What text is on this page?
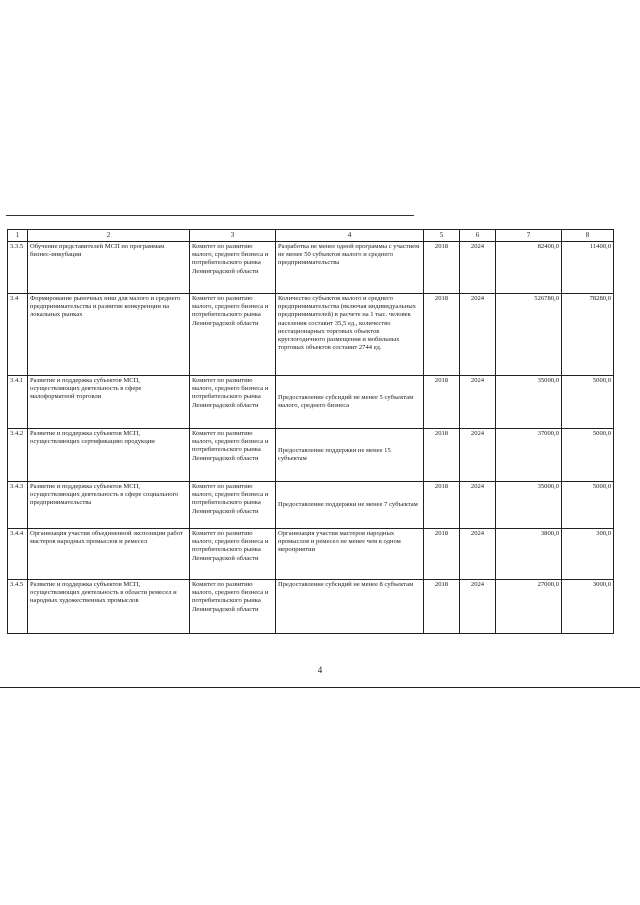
1	2	3	4	5	6	7	8
3.3.5	Обучение представителей МСП по программам бизнес-инкубации	Комитет по развитию малого, среднего бизнеса и потребительского рынка Ленинградской области	Разработка не менее одной программы с участием не менее 50 субъектов малого и среднего предпринимательства	2018	2024	82400,0	11400,0
3.4	Формирование рыночных ниш для малого и среднего предпринимательства и развитие конкуренции на локальных рынках	Комитет по развитию малого, среднего бизнеса и потребительского рынка Ленинградской области	Количество субъектов малого и среднего предпринимательства (включая индивидуальных предпринимателей) в расчете на 1 тыс. человек населения составит 35,5 ед., количество нестационарных торговых объектов круглогодичного размещения и мобильных торговых объектов составит 2744 ед.	2018	2024	526780,0	78280,0
3.4.1	Развитие и поддержка субъектов МСП, осуществляющих деятельность в сфере малоформатной торговли	Комитет по развитию малого, среднего бизнеса и потребительского рынка Ленинградской области	Предоставление субсидий не менее 5 субъектам малого, среднего бизнеса	2018	2024	35000,0	5000,0
3.4.2	Развитие и поддержка субъектов МСП, осуществляющих сертификацию продукции	Комитет по развитию малого, среднего бизнеса и потребительского рынка Ленинградской области	Предоставление поддержки не менее 15 субъектам	2018	2024	37000,0	5000,0
3.4.3	Развитие и поддержка субъектов МСП, осуществляющих деятельность в сфере социального предпринимательства	Комитет по развитию малого, среднего бизнеса и потребительского рынка Ленинградской области	Предоставление поддержки не менее 7 субъектам	2018	2024	35000,0	5000,0
3.4.4	Организация участия объединенной экспозиции работ мастеров народных промыслов и ремесел	Комитет по развитию малого, среднего бизнеса и потребительского рынка Ленинградской области	Организация участия мастеров народных промыслов и ремесел не менее чем в одном мероприятии	2018	2024	3800,0	300,0
3.4.5	Развитие и поддержка субъектов МСП, осуществляющих деятельность в области ремесел и народных художественных промыслов	Комитет по развитию малого, среднего бизнеса и потребительского рынка Ленинградской области	Предоставление субсидий не менее 8 субъектам	2018	2024	27000,0	3000,0
4
